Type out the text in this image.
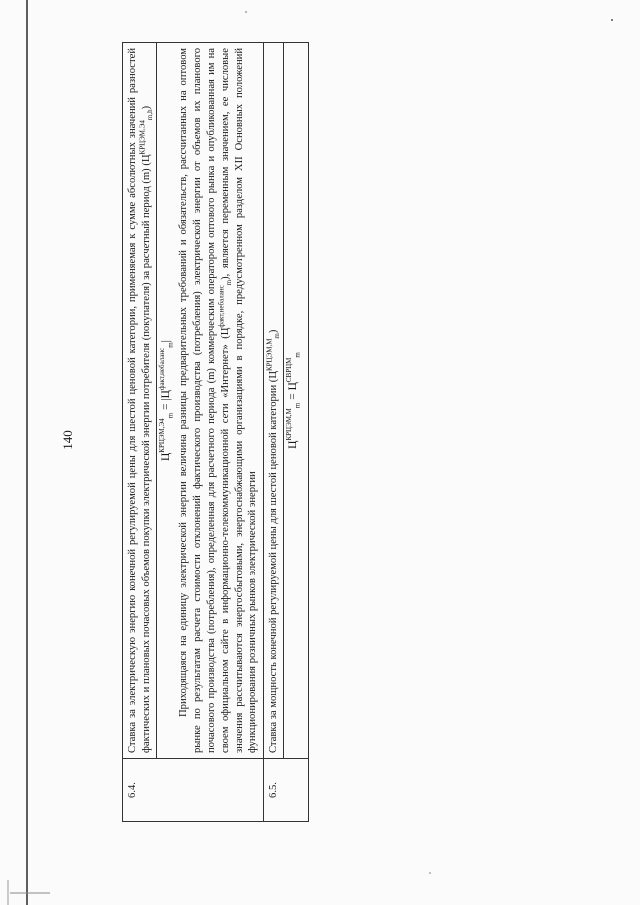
140
6.4.	Ставка за электрическую энергию конечной регулируемой цены для шестой ценовой категории, применяемая к сумме абсолютных значений разностей фактических и плановых почасовых объемов покупки электрической энергии потребителя (покупателя) за расчетный период (m) $(Ц^{КРЦЭМ,Э4}_{m,h})$
$Ц^{КРЦЭМ,Э4}_m = |Ц^{факт,небаланс}_m|$ Приходящаяся на единицу электрической энергии величина разницы предварительных требований и обязательств, рассчитанных на оптовом рынке по результатам расчета стоимости отклонений фактического производства (потребления) электрической энергии от объемов их планового почасового производства (потребления), определенная для расчетного периода (m) коммерческим оператором оптового рынка и опубликованная им на своем официальном сайте в информационно-телекоммуникационной сети «Интернет» $(Ц^{факт,небаланс}_m)$, является переменным значением, ее числовые значения рассчитываются энергосбытовыми, энергоснабжающими организациями в порядке, предусмотренном разделом XII Основных положений функционирования розничных рынков электрической энергии

6.5.	Ставка за мощность конечной регулируемой цены для шестой ценовой категории $(Ц^{КРЦЭМ,М}_m)$
$Ц^{КРЦЭМ,М}_m = Ц^{СВРЦМ}_m$
